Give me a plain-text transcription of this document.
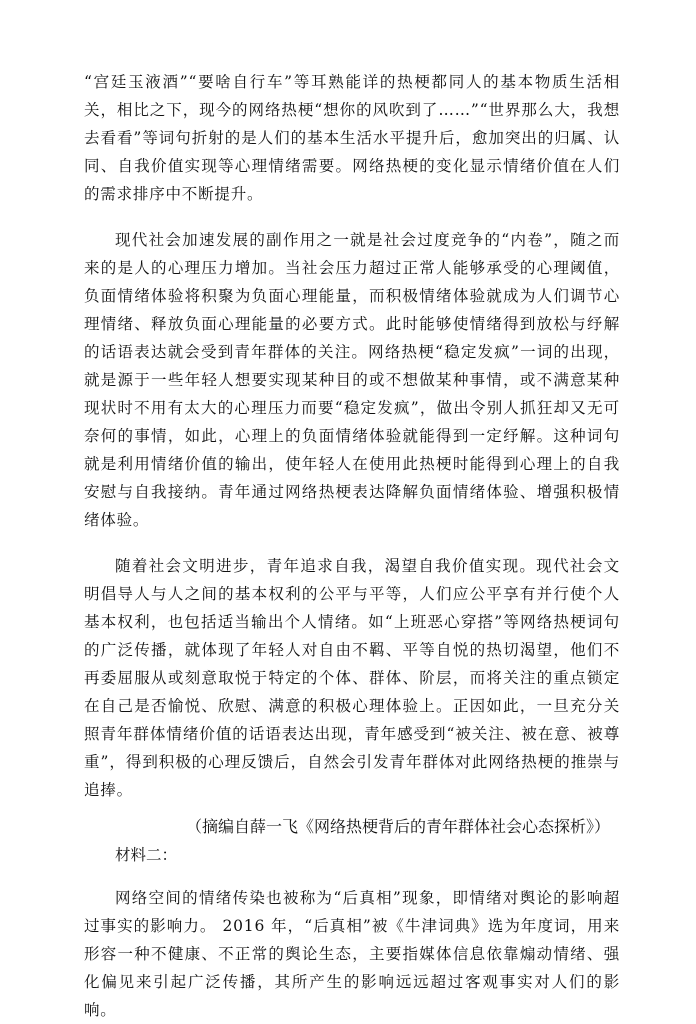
“宫廷玉液酒”“要啥自行车”等耳熟能详的热梗都同人的基本物质生活相关，相比之下，现今的网络热梗“想你的风吹到了……”“世界那么大，我想去看看”等词句折射的是人们的基本生活水平提升后，愈加突出的归属、认同、自我价值实现等心理情绪需要。网络热梗的变化显示情绪价值在人们的需求排序中不断提升。

现代社会加速发展的副作用之一就是社会过度竞争的“内卷”，随之而来的是人的心理压力增加。当社会压力超过正常人能够承受的心理阈值，负面情绪体验将积聚为负面心理能量，而积极情绪体验就成为人们调节心理情绪、释放负面心理能量的必要方式。此时能够使情绪得到放松与纾解的话语表达就会受到青年群体的关注。网络热梗“稳定发疯”一词的出现，就是源于一些年轻人想要实现某种目的或不想做某种事情，或不满意某种现状时不用有太大的心理压力而要“稳定发疯”，做出令别人抓狂却又无可奈何的事情，如此，心理上的负面情绪体验就能得到一定纾解。这种词句就是利用情绪价值的输出，使年轻人在使用此热梗时能得到心理上的自我安慰与自我接纳。青年通过网络热梗表达降解负面情绪体验、增强积极情绪体验。

随着社会文明进步，青年追求自我，渴望自我价值实现。现代社会文明倡导人与人之间的基本权利的公平与平等，人们应公平享有并行使个人基本权利，也包括适当输出个人情绪。如“上班恶心穿搭”等网络热梗词句的广泛传播，就体现了年轻人对自由不羁、平等自悦的热切渴望，他们不再委屈服从或刻意取悦于特定的个体、群体、阶层，而将关注的重点锁定在自己是否愉悦、欣慰、满意的积极心理体验上。正因如此，一旦充分关照青年群体情绪价值的话语表达出现，青年感受到“被关注、被在意、被尊重”，得到积极的心理反馈后，自然会引发青年群体对此网络热梗的推崇与追捧。

（摘编自薛一飞《网络热梗背后的青年群体社会心态探析》）

材料二：

网络空间的情绪传染也被称为“后真相”现象，即情绪对舆论的影响超过事实的影响力。 2016 年，“后真相”被《牛津词典》选为年度词，用来形容一种不健康、不正常的舆论生态，主要指媒体信息依靠煽动情绪、强化偏见来引起广泛传播，其所产生的影响远远超过客观事实对人们的影响。
